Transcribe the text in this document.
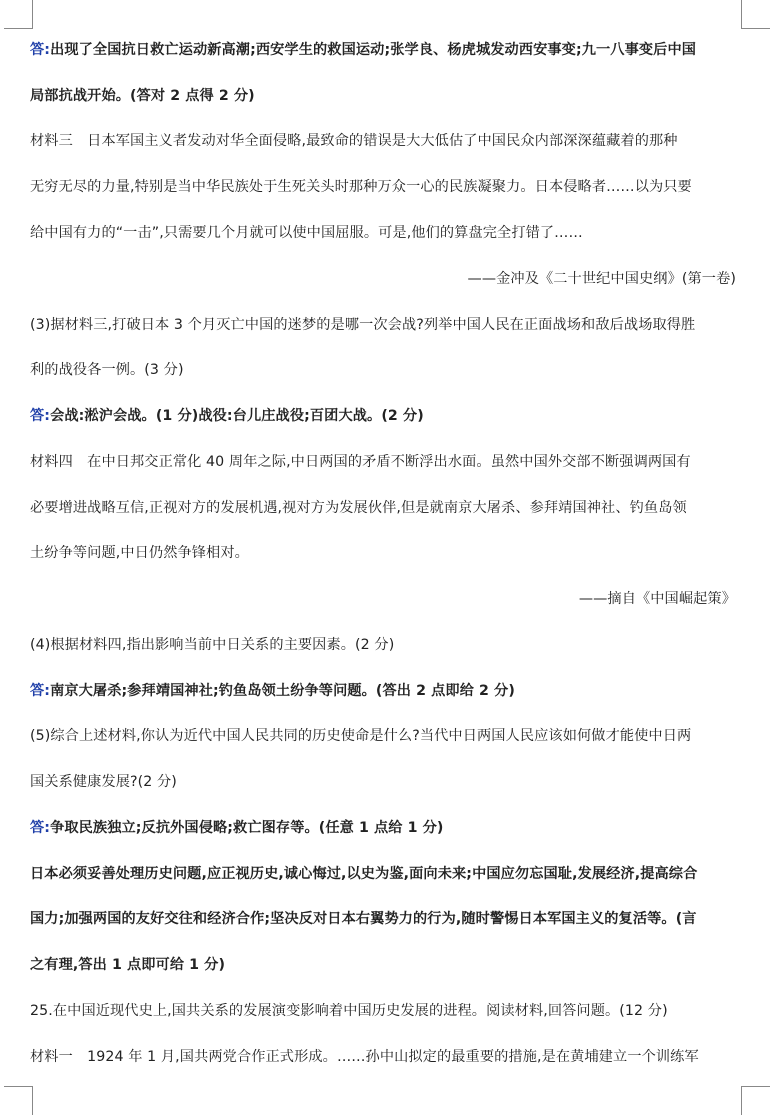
答:出现了全国抗日救亡运动新高潮;西安学生的救国运动;张学良、杨虎城发动西安事变;九一八事变后中国
局部抗战开始。(答对 2 点得 2 分)
材料三　日本军国主义者发动对华全面侵略,最致命的错误是大大低估了中国民众内部深深蕴藏着的那种
无穷无尽的力量,特别是当中华民族处于生死关头时那种万众一心的民族凝聚力。日本侵略者……以为只要
给中国有力的“一击”,只需要几个月就可以使中国屈服。可是,他们的算盘完全打错了……
——金冲及《二十世纪中国史纲》(第一卷)
(3)据材料三,打破日本 3 个月灭亡中国的迷梦的是哪一次会战?列举中国人民在正面战场和敌后战场取得胜
利的战役各一例。(3 分)
答:会战:淞沪会战。(1 分)战役:台儿庄战役;百团大战。(2 分)
材料四　在中日邦交正常化 40 周年之际,中日两国的矛盾不断浮出水面。虽然中国外交部不断强调两国有
必要增进战略互信,正视对方的发展机遇,视对方为发展伙伴,但是就南京大屠杀、参拜靖国神社、钓鱼岛领
土纷争等问题,中日仍然争锋相对。
——摘自《中国崛起策》
(4)根据材料四,指出影响当前中日关系的主要因素。(2 分)
答:南京大屠杀;参拜靖国神社;钓鱼岛领土纷争等问题。(答出 2 点即给 2 分)
(5)综合上述材料,你认为近代中国人民共同的历史使命是什么?当代中日两国人民应该如何做才能使中日两
国关系健康发展?(2 分)
答:争取民族独立;反抗外国侵略;救亡图存等。(任意 1 点给 1 分)
日本必须妥善处理历史问题,应正视历史,诚心悔过,以史为鉴,面向未来;中国应勿忘国耻,发展经济,提高综合
国力;加强两国的友好交往和经济合作;坚决反对日本右翼势力的行为,随时警惕日本军国主义的复活等。(言
之有理,答出 1 点即可给 1 分)
25.在中国近现代史上,国共关系的发展演变影响着中国历史发展的进程。阅读材料,回答问题。(12 分)
材料一　1924 年 1 月,国共两党合作正式形成。……孙中山拟定的最重要的措施,是在黄埔建立一个训练军
